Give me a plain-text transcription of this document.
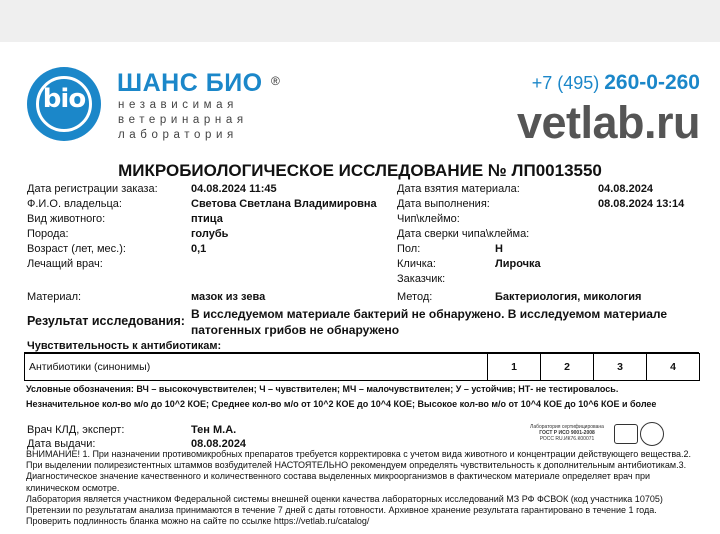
bio
ШАНС БИО ®
независимая
ветеринарная
лаборатория
+7 (495) 260-0-260
vetlab.ru
МИКРОБИОЛОГИЧЕСКОЕ ИССЛЕДОВАНИЕ № ЛП0013550
Дата регистрации заказа:	04.08.2024 11:45
Ф.И.О. владельца:	Светова Светлана Владимировна
Вид животного:	птица
Порода:	голубь
Возраст (лет, мес.):	0,1
Лечащий врач:
Дата взятия материала:	04.08.2024
Дата выполнения:	08.08.2024 13:14
Чип\клеймо:
Дата сверки чипа\клейма:
Пол:	Н
Кличка:	Лирочка
Заказчик:
Материал:	мазок из зева	Метод:	Бактериология, микология
Результат исследования: В исследуемом материале бактерий не обнаружено. В исследуемом материале патогенных грибов не обнаружено
Чувствительность к антибиотикам:
Антибиотики (синонимы)	1	2	3	4
Условные обозначения: ВЧ – высокочувствителен; Ч – чувствителен; МЧ – малочувствителен; У – устойчив; НТ- не тестировалось.
Незначительное кол-во м/о до 10^2 КОЕ; Среднее кол-во м/о от 10^2 КОЕ до 10^4 КОЕ; Высокое кол-во м/о от 10^4 КОЕ до 10^6 КОЕ и более
Врач КЛД, эксперт:	Тен М.А.
Дата выдачи:	08.08.2024
Лаборатория сертифицирована
ГОСТ Р ИСО 9001-2008
РОСС RU.ИК76.К00071
ВНИМАНИЕ! 1. При назначении противомикробных препаратов требуется корректировка с учетом вида животного и концентрации действующего вещества.2. При выделении полирезистентных штаммов возбудителей НАСТОЯТЕЛЬНО рекомендуем определять чувствительность к дополнительным антибиотикам.3. Диагностическое значение качественного и количественного состава выделенных микроорганизмов в фактическом материале определяет врач при клиническом осмотре.
Лаборатория является участником Федеральной системы внешней оценки качества лабораторных исследований МЗ РФ ФСВОК (код участника 10705)
Претензии по результатам анализа принимаются в течение 7 дней с даты готовности. Архивное хранение результата гарантировано в течение 1 года.
Проверить подлинность бланка можно на сайте по ссылке https://vetlab.ru/catalog/
